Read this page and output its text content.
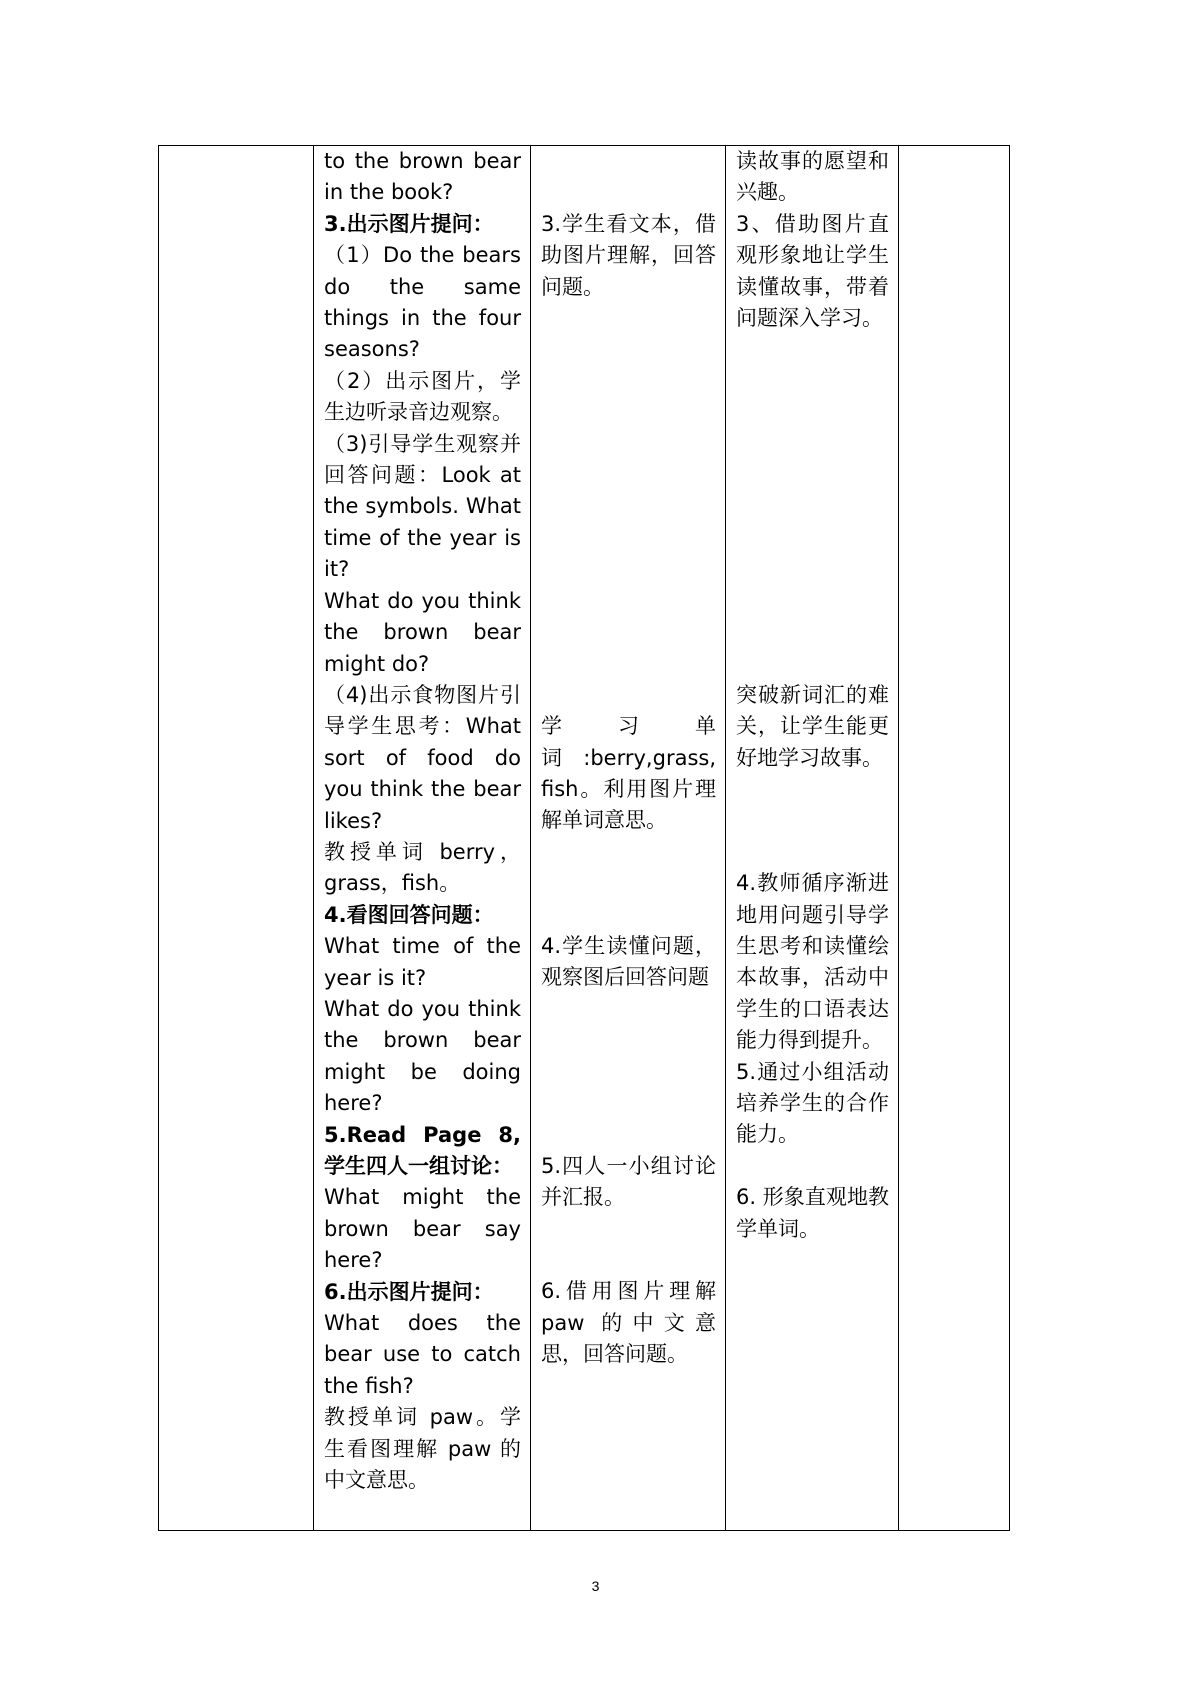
to the brown bear in the book?
3.出示图片提问：
（1）Do the bears do the same things in the four seasons?
（2）出示图片，学生边听录音边观察。
（3)引导学生观察并回答问题：Look at the symbols. What time of the year is it?
What do you think the brown bear might do?
（4)出示食物图片引导学生思考：What sort of food do you think the bear likes?
教授单词 berry，grass，fish。
4.看图回答问题：
What time of the year is it?
What do you think the brown bear might be doing here?
5.Read Page 8, 学生四人一组讨论：
What might the brown bear say here?
6.出示图片提问：
What does the bear use to catch the fish?
教授单词 paw。学生看图理解 paw 的中文意思。

3.学生看文本，借助图片理解，回答问题。
学习单词:berry,grass, fish。利用图片理解单词意思。
4.学生读懂问题，观察图后回答问题
5.四人一小组讨论并汇报。
6.借用图片理解 paw 的中文意思，回答问题。

读故事的愿望和兴趣。
3、借助图片直观形象地让学生读懂故事，带着问题深入学习。
突破新词汇的难关，让学生能更好地学习故事。
4.教师循序渐进地用问题引导学生思考和读懂绘本故事，活动中学生的口语表达能力得到提升。
5.通过小组活动培养学生的合作能力。
6. 形象直观地教学单词。

3
